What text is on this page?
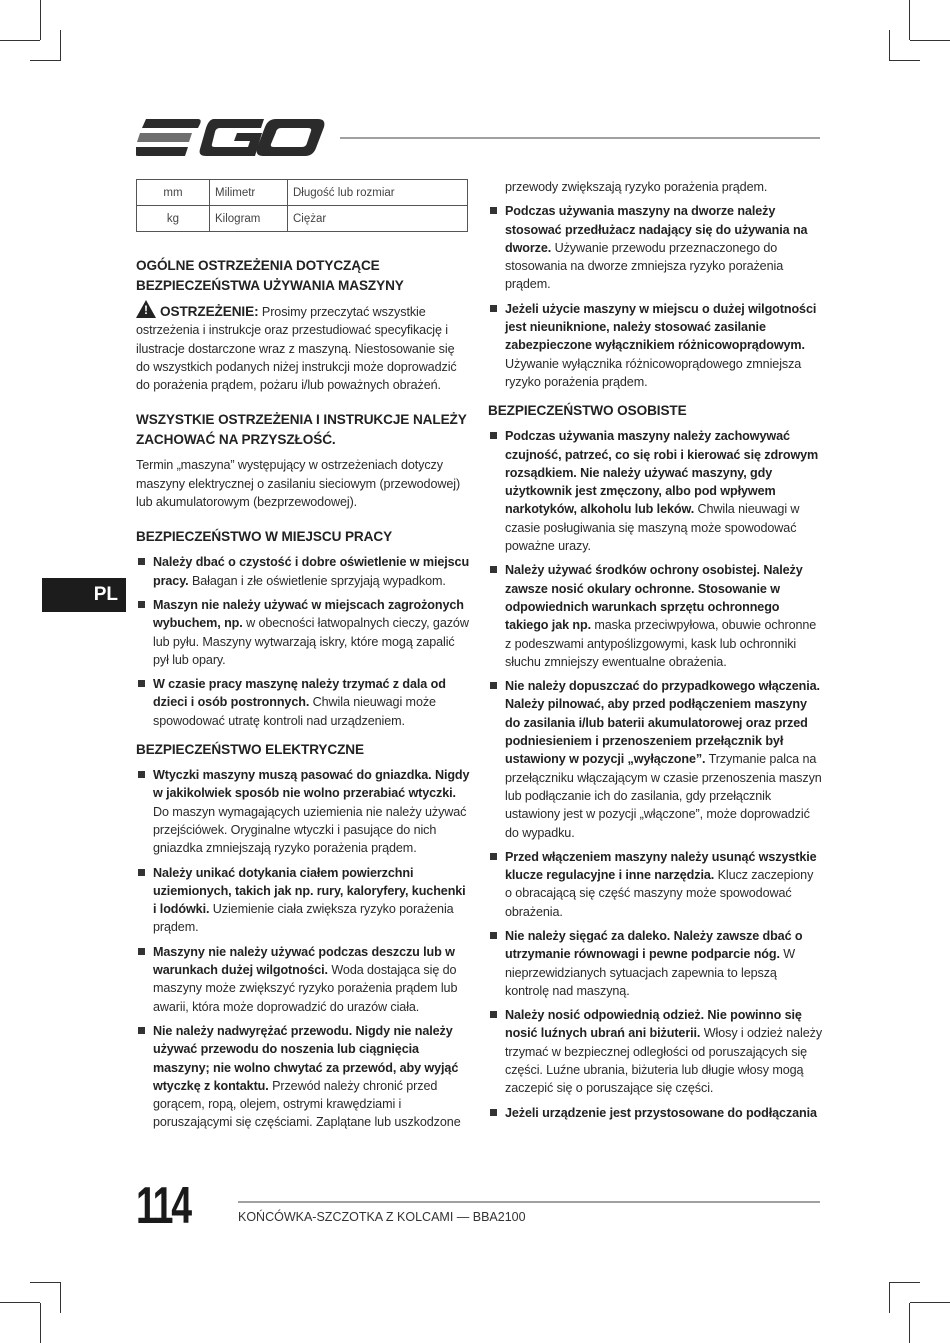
mm	Milimetr	Długość lub rozmiar
kg	Kilogram	Ciężar
PL
OGÓLNE OSTRZEŻENIA DOTYCZĄCE BEZPIECZEŃSTWA UŻYWANIA MASZYNY

! OSTRZEŻENIE: Prosimy przeczytać wszystkie ostrzeżenia i instrukcje oraz przestudiować specyfikację i ilustracje dostarczone wraz z maszyną. Niestosowanie się do wszystkich podanych niżej instrukcji może doprowadzić do porażenia prądem, pożaru i/lub poważnych obrażeń.

WSZYSTKIE OSTRZEŻENIA I INSTRUKCJE NALEŻY ZACHOWAĆ NA PRZYSZŁOŚĆ.

Termin „maszyna” występujący w ostrzeżeniach dotyczy maszyny elektrycznej o zasilaniu sieciowym (przewodowej) lub akumulatorowym (bezprzewodowej).

BEZPIECZEŃSTWO W MIEJSCU PRACY
Należy dbać o czystość i dobre oświetlenie w miejscu pracy. Bałagan i złe oświetlenie sprzyjają wypadkom.
Maszyn nie należy używać w miejscach zagrożonych wybuchem, np. w obecności łatwopalnych cieczy, gazów lub pyłu. Maszyny wytwarzają iskry, które mogą zapalić pył lub opary.
W czasie pracy maszynę należy trzymać z dala od dzieci i osób postronnych. Chwila nieuwagi może spowodować utratę kontroli nad urządzeniem.
BEZPIECZEŃSTWO ELEKTRYCZNE
Wtyczki maszyny muszą pasować do gniazdka. Nigdy w jakikolwiek sposób nie wolno przerabiać wtyczki. Do maszyn wymagających uziemienia nie należy używać przejściówek. Oryginalne wtyczki i pasujące do nich gniazdka zmniejszają ryzyko porażenia prądem.
Należy unikać dotykania ciałem powierzchni uziemionych, takich jak np. rury, kaloryfery, kuchenki i lodówki. Uziemienie ciała zwiększa ryzyko porażenia prądem.
Maszyny nie należy używać podczas deszczu lub w warunkach dużej wilgotności. Woda dostająca się do maszyny może zwiększyć ryzyko porażenia prądem lub awarii, która może doprowadzić do urazów ciała.
Nie należy nadwyrężać przewodu. Nigdy nie należy używać przewodu do noszenia lub ciągnięcia maszyny; nie wolno chwytać za przewód, aby wyjąć wtyczkę z kontaktu. Przewód należy chronić przed gorącem, ropą, olejem, ostrymi krawędziami i poruszającymi się częściami. Zaplątane lub uszkodzone

przewody zwiększają ryzyko porażenia prądem.

Podczas używania maszyny na dworze należy stosować przedłużacz nadający się do używania na dworze. Używanie przewodu przeznaczonego do stosowania na dworze zmniejsza ryzyko porażenia prądem.
Jeżeli użycie maszyny w miejscu o dużej wilgotności jest nieuniknione, należy stosować zasilanie zabezpieczone wyłącznikiem różnicowoprądowym. Używanie wyłącznika różnicowoprądowego zmniejsza ryzyko porażenia prądem.
BEZPIECZEŃSTWO OSOBISTE
Podczas używania maszyny należy zachowywać czujność, patrzeć, co się robi i kierować się zdrowym rozsądkiem. Nie należy używać maszyny, gdy użytkownik jest zmęczony, albo pod wpływem narkotyków, alkoholu lub leków. Chwila nieuwagi w czasie posługiwania się maszyną może spowodować poważne urazy.
Należy używać środków ochrony osobistej. Należy zawsze nosić okulary ochronne. Stosowanie w odpowiednich warunkach sprzętu ochronnego takiego jak np. maska przeciwpyłowa, obuwie ochronne z podeszwami antypoślizgowymi, kask lub ochronniki słuchu zmniejszy ewentualne obrażenia.
Nie należy dopuszczać do przypadkowego włączenia. Należy pilnować, aby przed podłączeniem maszyny do zasilania i/lub baterii akumulatorowej oraz przed podniesieniem i przenoszeniem przełącznik był ustawiony w pozycji „wyłączone”. Trzymanie palca na przełączniku włączającym w czasie przenoszenia maszyn lub podłączanie ich do zasilania, gdy przełącznik ustawiony jest w pozycji „włączone”, może doprowadzić do wypadku.
Przed włączeniem maszyny należy usunąć wszystkie klucze regulacyjne i inne narzędzia. Klucz zaczepiony o obracającą się część maszyny może spowodować obrażenia.
Nie należy sięgać za daleko. Należy zawsze dbać o utrzymanie równowagi i pewne podparcie nóg. W nieprzewidzianych sytuacjach zapewnia to lepszą kontrolę nad maszyną.
Należy nosić odpowiednią odzież. Nie powinno się nosić luźnych ubrań ani biżuterii. Włosy i odzież należy trzymać w bezpiecznej odległości od poruszających się części. Luźne ubrania, biżuteria lub długie włosy mogą zaczepić się o poruszające się części.
Jeżeli urządzenie jest przystosowane do podłączania
114	KOŃCÓWKA-SZCZOTKA Z KOLCAMI — BBA2100
